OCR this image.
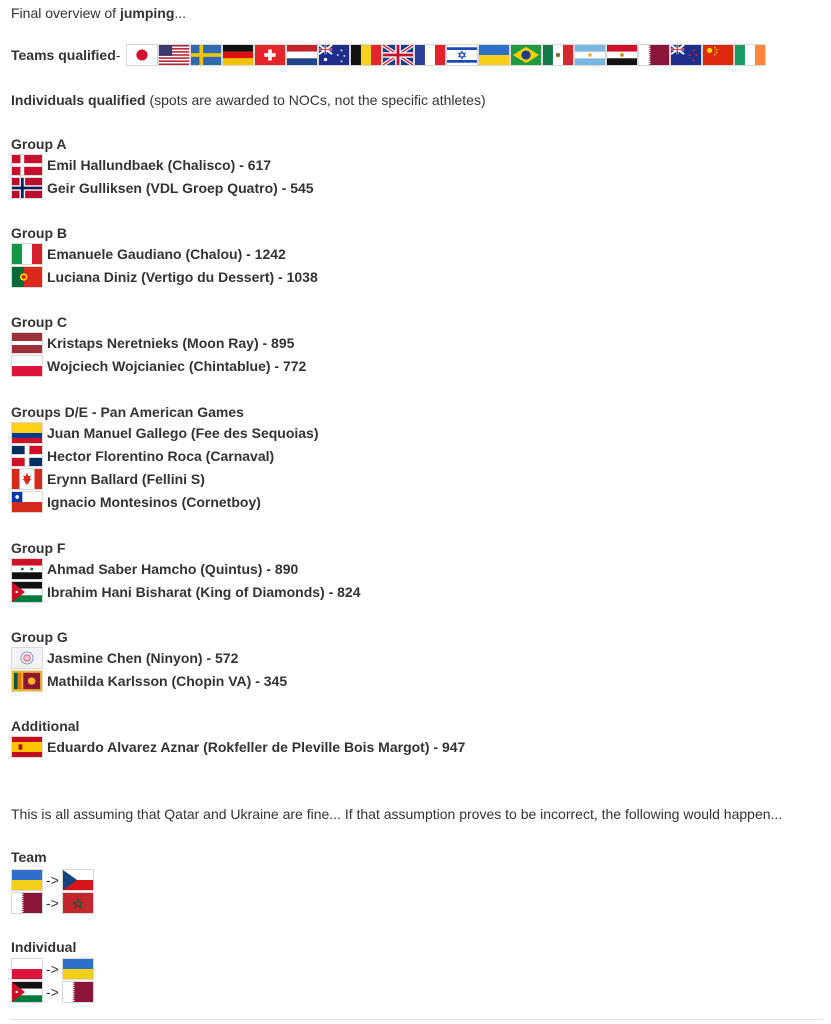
Final overview of jumping...
Teams qualified -
Individuals qualified (spots are awarded to NOCs, not the specific athletes)
Group A
Emil Hallundbaek (Chalisco) - 617
Geir Gulliksen (VDL Groep Quatro) - 545
Group B
Emanuele Gaudiano (Chalou) - 1242
Luciana Diniz (Vertigo du Dessert) - 1038
Group C
Kristaps Neretnieks (Moon Ray) - 895
Wojciech Wojcianiec (Chintablue) - 772
Groups D/E - Pan American Games
Juan Manuel Gallego (Fee des Sequoias)
Hector Florentino Roca (Carnaval)
Erynn Ballard (Fellini S)
Ignacio Montesinos (Cornetboy)
Group F
Ahmad Saber Hamcho (Quintus) - 890
Ibrahim Hani Bisharat (King of Diamonds) - 824
Group G
Jasmine Chen (Ninyon) - 572
Mathilda Karlsson (Chopin VA) - 345
Additional
Eduardo Alvarez Aznar (Rokfeller de Pleville Bois Margot) - 947
This is all assuming that Qatar and Ukraine are fine... If that assumption proves to be incorrect, the following would happen...
Team
->
->
Individual
->
->
